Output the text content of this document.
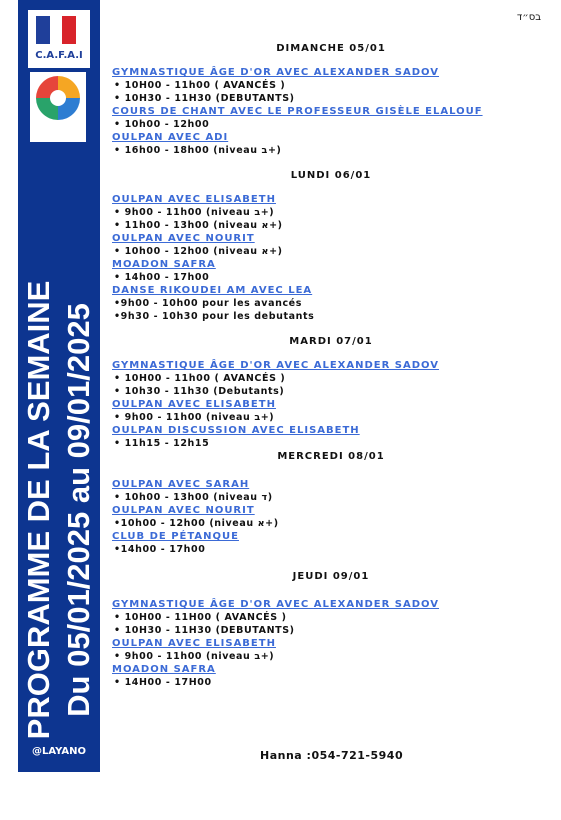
C.A.F.A.I
PROGRAMME DE LA SEMAINE Du 05/01/2025 au 09/01/2025
@LAYANO
בס״ד
DIMANCHE 05/01
GYMNASTIQUE ÂGE D'OR AVEC ALEXANDER SADOV
• 10H00 - 11h00 ( AVANCÉS )
• 10H30 - 11H30 (DEBUTANTS)
COURS DE CHANT AVEC LE PROFESSEUR GISÈLE ELALOUF
• 10h00 - 12h00
OULPAN AVEC ADI
• 16h00 - 18h00 (niveau ב+)
LUNDI 06/01
OULPAN AVEC ELISABETH
• 9h00 - 11h00 (niveau ב+)
• 11h00 - 13h00 (niveau א+)
OULPAN AVEC NOURIT
• 10h00 - 12h00 (niveau א+)
MOADON SAFRA
• 14h00 - 17h00
DANSE RIKOUDEI AM AVEC LEA
•9h00 - 10h00 pour les avancés
•9h30 - 10h30 pour les debutants
MARDI 07/01
GYMNASTIQUE ÂGE D'OR AVEC ALEXANDER SADOV
• 10H00 - 11h00 ( AVANCÉS )
• 10h30 - 11h30 (Debutants)
OULPAN AVEC ELISABETH
• 9h00 - 11h00 (niveau ב+)
OULPAN DISCUSSION AVEC ELISABETH
• 11h15 - 12h15
MERCREDI 08/01
OULPAN AVEC SARAH
• 10h00 - 13h00 (niveau ד)
OULPAN AVEC NOURIT
•10h00 - 12h00 (niveau א+)
CLUB DE PÉTANQUE
•14h00 - 17h00
JEUDI 09/01
GYMNASTIQUE ÂGE D'OR AVEC ALEXANDER SADOV
• 10H00 - 11H00 ( AVANCÉS )
• 10H30 - 11H30 (DEBUTANTS)
OULPAN AVEC ELISABETH
• 9h00 - 11h00 (niveau ב+)
MOADON SAFRA
• 14H00 - 17H00
Hanna :054-721-5940
